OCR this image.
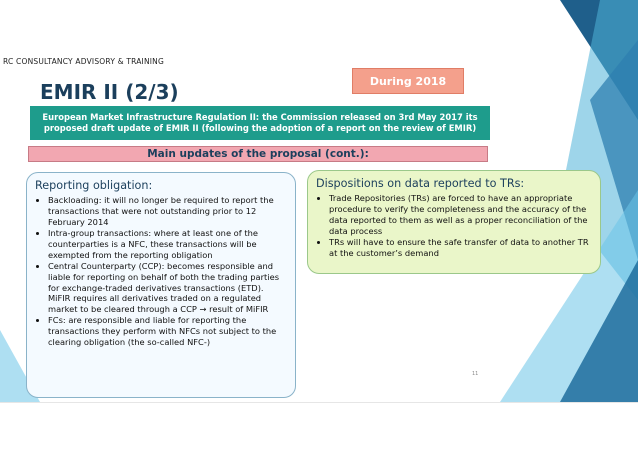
RC CONSULTANCY ADVISORY & TRAINING
EMIR II (2/3)	During 2018
European Market Infrastructure Regulation II: the Commission released on 3rd May 2017 its proposed draft update of EMIR II (following the adoption of a report on the review of EMIR)
Main updates of the proposal (cont.):
Reporting obligation:
• Backloading: it will no longer be required to report the transactions that were not outstanding prior to 12 February 2014
• Intra-group transactions: where at least one of the counterparties is a NFC, these transactions will be exempted from the reporting obligation
• Central Counterparty (CCP): becomes responsible and liable for reporting on behalf of both the trading parties for exchange-traded derivatives transactions (ETD). MiFIR requires all derivatives traded on a regulated market to be cleared through a CCP → result of MiFIR
• FCs: are responsible and liable for reporting the transactions they perform with NFCs not subject to the clearing obligation (the so-called NFC-)
Dispositions on data reported to TRs:
• Trade Repositories (TRs) are forced to have an appropriate procedure to verify the completeness and the accuracy of the data reported to them as well as a proper reconciliation of the data process
• TRs will have to ensure the safe transfer of data to another TR at the customer’s demand
11
